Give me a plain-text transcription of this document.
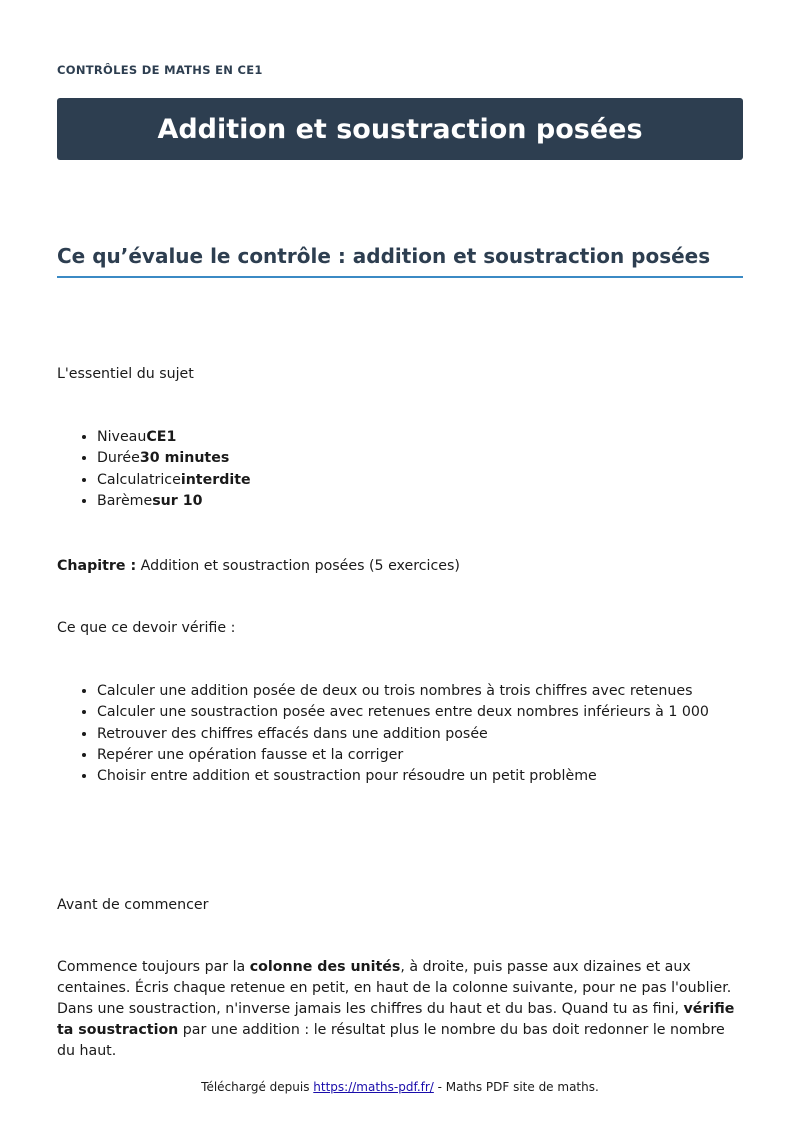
CONTRÔLES DE MATHS EN CE1
Addition et soustraction posées
Ce qu’évalue le contrôle : addition et soustraction posées

L'essentiel du sujet

• NiveauCE1
• Durée30 minutes
• Calculatriceinterdite
• Barèmesur 10

Chapitre : Addition et soustraction posées (5 exercices)

Ce que ce devoir vérifie :

• Calculer une addition posée de deux ou trois nombres à trois chiffres avec retenues
• Calculer une soustraction posée avec retenues entre deux nombres inférieurs à 1 000
• Retrouver des chiffres effacés dans une addition posée
• Repérer une opération fausse et la corriger
• Choisir entre addition et soustraction pour résoudre un petit problème

Avant de commencer

Commence toujours par la colonne des unités, à droite, puis passe aux dizaines et aux centaines. Écris chaque retenue en petit, en haut de la colonne suivante, pour ne pas l'oublier. Dans une soustraction, n'inverse jamais les chiffres du haut et du bas. Quand tu as fini, vérifie ta soustraction par une addition : le résultat plus le nombre du bas doit redonner le nombre du haut.

Téléchargé depuis https://maths-pdf.fr/ - Maths PDF site de maths.
